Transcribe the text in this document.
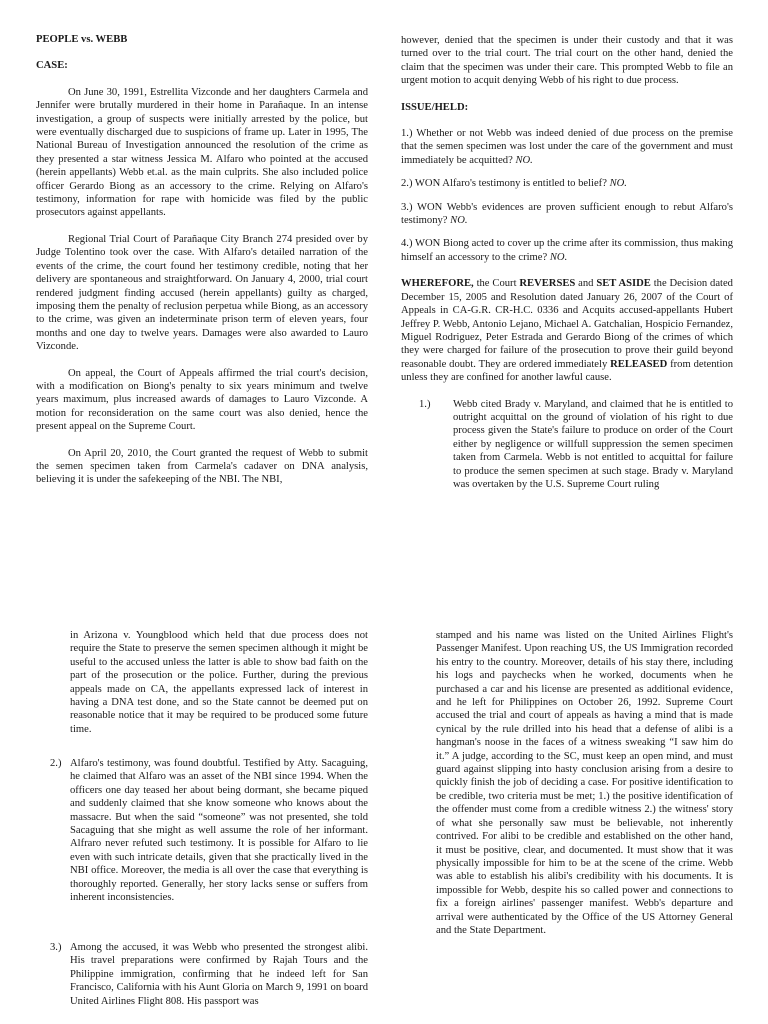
PEOPLE vs. WEBB

CASE:

On June 30, 1991, Estrellita Vizconde and her daughters Carmela and Jennifer were brutally murdered in their home in Parañaque. In an intense investigation, a group of suspects were initially arrested by the police, but were eventually discharged due to suspicions of frame up. Later in 1995, The National Bureau of Investigation announced the resolution of the crime as they presented a star witness Jessica M. Alfaro who pointed at the accused (herein appellants) Webb et.al. as the main culprits. She also included police officer Gerardo Biong as an accessory to the crime. Relying on Alfaro's testimony, information for rape with homicide was filed by the public prosecutors against appellants.

Regional Trial Court of Parañaque City Branch 274 presided over by Judge Tolentino took over the case. With Alfaro's detailed narration of the events of the crime, the court found her testimony credible, noting that her delivery are spontaneous and straightforward. On January 4, 2000, trial court rendered judgment finding accused (herein appellants) guilty as charged, imposing them the penalty of reclusion perpetua while Biong, as an accessory to the crime, was given an indeterminate prison term of eleven years, four months and one day to twelve years. Damages were also awarded to Lauro Vizconde.

On appeal, the Court of Appeals affirmed the trial court's decision, with a modification on Biong's penalty to six years minimum and twelve years maximum, plus increased awards of damages to Lauro Vizconde. A motion for reconsideration on the same court was also denied, hence the present appeal on the Supreme Court.

On April 20, 2010, the Court granted the request of Webb to submit the semen specimen taken from Carmela's cadaver on DNA analysis, believing it is under the safekeeping of the NBI. The NBI,

however, denied that the specimen is under their custody and that it was turned over to the trial court. The trial court on the other hand, denied the claim that the specimen was under their care. This prompted Webb to file an urgent motion to acquit denying Webb of his right to due process.

ISSUE/HELD:

1.) Whether or not Webb was indeed denied of due process on the premise that the semen specimen was lost under the care of the government and must immediately be acquitted? NO.

2.) WON Alfaro's testimony is entitled to belief? NO.

3.) WON Webb's evidences are proven sufficient enough to rebut Alfaro's testimony? NO.

4.) WON Biong acted to cover up the crime after its commission, thus making himself an accessory to the crime? NO.

WHEREFORE, the Court REVERSES and SET ASIDE the Decision dated December 15, 2005 and Resolution dated January 26, 2007 of the Court of Appeals in CA-G.R. CR-H.C. 0336 and Acquits accused-appellants Hubert Jeffrey P. Webb, Antonio Lejano, Michael A. Gatchalian, Hospicio Fernandez, Miguel Rodriguez, Peter Estrada and Gerardo Biong of the crimes of which they were charged for failure of the prosecution to prove their guild beyond reasonable doubt. They are ordered immediately RELEASED from detention unless they are confined for another lawful cause.

1.) Webb cited Brady v. Maryland, and claimed that he is entitled to outright acquittal on the ground of violation of his right to due process given the State's failure to produce on order of the Court either by negligence or willfull suppression the semen specimen taken from Carmela. Webb is not entitled to acquittal for failure to produce the semen specimen at such stage. Brady v. Maryland was overtaken by the U.S. Supreme Court ruling

in Arizona v. Youngblood which held that due process does not require the State to preserve the semen specimen although it might be useful to the accused unless the latter is able to show bad faith on the part of the prosecution or the police. Further, during the previous appeals made on CA, the appellants expressed lack of interest in having a DNA test done, and so the State cannot be deemed put on reasonable notice that it may be required to be produced some future time.

2.) Alfaro's testimony, was found doubtful. Testified by Atty. Sacaguing, he claimed that Alfaro was an asset of the NBI since 1994. When the officers one day teased her about being dormant, she became piqued and suddenly claimed that she know someone who knows about the massacre. But when the said “someone” was not presented, she told Sacaguing that she might as well assume the role of her informant. Alfraro never refuted such testimony. It is possible for Alfaro to lie even with such intricate details, given that she practically lived in the NBI office. Moreover, the media is all over the case that everything is thoroughly reported. Generally, her story lacks sense or suffers from inherent inconsistencies.
3.) Among the accused, it was Webb who presented the strongest alibi. His travel preparations were confirmed by Rajah Tours and the Philippine immigration, confirming that he indeed left for San Francisco, California with his Aunt Gloria on March 9, 1991 on board United Airlines Flight 808. His passport was

stamped and his name was listed on the United Airlines Flight's Passenger Manifest. Upon reaching US, the US Immigration recorded his entry to the country. Moreover, details of his stay there, including his logs and paychecks when he worked, documents when he purchased a car and his license are presented as additional evidence, and he left for Philippines on October 26, 1992. Supreme Court accused the trial and court of appeals as having a mind that is made cynical by the rule drilled into his head that a defense of alibi is a hangman's noose in the faces of a witness sweaking “I saw him do it.” A judge, according to the SC, must keep an open mind, and must guard against slipping into hasty conclusion arising from a desire to quickly finish the job of deciding a case. For positive identification to be credible, two criteria must be met; 1.) the positive identification of the offender must come from a credible witness 2.) the witness' story of what she personally saw must be believable, not inherently contrived. For alibi to be credible and established on the other hand, it must be positive, clear, and documented. It must show that it was physically impossible for him to be at the scene of the crime. Webb was able to establish his alibi's credibility with his documents. It is impossible for Webb, despite his so called power and connections to fix a foreign airlines' passenger manifest. Webb's departure and arrival were authenticated by the Office of the US Attorney General and the State Department.
